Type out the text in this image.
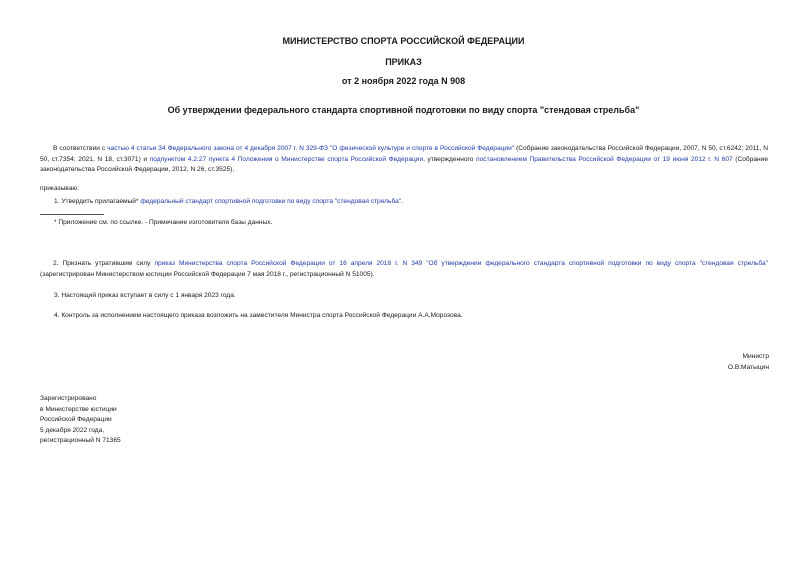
МИНИСТЕРСТВО СПОРТА РОССИЙСКОЙ ФЕДЕРАЦИИ
ПРИКАЗ
от 2 ноября 2022 года N 908
Об утверждении федерального стандарта спортивной подготовки по виду спорта "стендовая стрельба"
В соответствии с частью 4 статьи 34 Федерального закона от 4 декабря 2007 г. N 329-ФЗ "О физической культуре и спорте в Российской Федерации" (Собрание законодательства Российской Федерации, 2007, N 50, ст.6242; 2011, N 50, ст.7354; 2021, N 18, ст.3071) и подпунктом 4.2.27 пункта 4 Положения о Министерстве спорта Российской Федерации, утвержденного постановлением Правительства Российской Федерации от 19 июня 2012 г. N 607 (Собрание законодательства Российской Федерации, 2012, N 26, ст.3525),
приказываю:
1. Утвердить прилагаемый* федеральный стандарт спортивной подготовки по виду спорта "стендовая стрельба".
* Приложение см. по ссылке. - Примечание изготовителя базы данных.
2. Признать утратившим силу приказ Министерства спорта Российской Федерации от 16 апреля 2018 г. N 349 "Об утверждении федерального стандарта спортивной подготовки по виду спорта "стендовая стрельба" (зарегистрирован Министерством юстиции Российской Федерации 7 мая 2018 г., регистрационный N 51005).
3. Настоящий приказ вступает в силу с 1 января 2023 года.
4. Контроль за исполнением настоящего приказа возложить на заместителя Министра спорта Российской Федерации А.А.Морозова.
Министр
О.В.Матыцин
Зарегистрировано
в Министерстве юстиции
Российской Федерации
5 декабря 2022 года,
регистрационный N 71365
